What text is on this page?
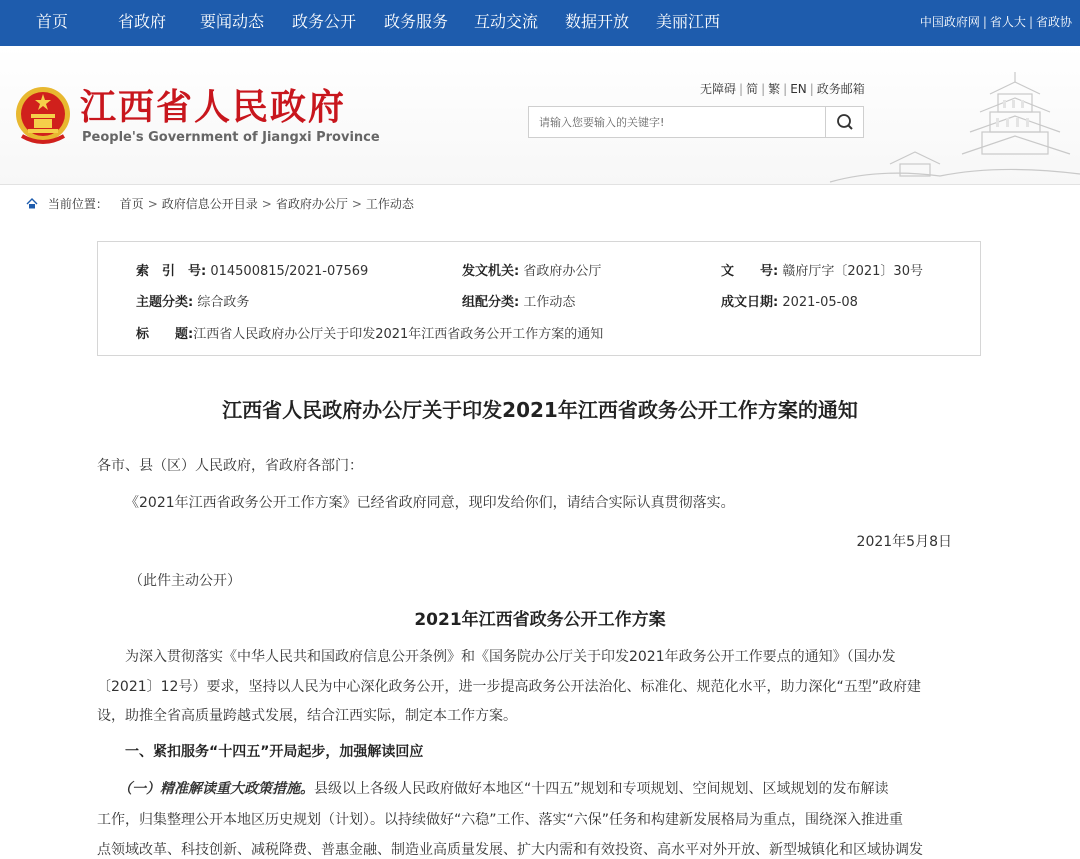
首页	省政府 要闻动态 政务公开 政务服务 互动交流 数据开放 美丽江西	中国政府网 | 省人大 | 省政协
江西省人民政府
People's Government of Jiangxi Province
无障碍 | 简 | 繁 | EN | 政务邮箱
请输入您要输入的关键字!
当前位置： 首页 > 政府信息公开目录 > 省政府办公厅 > 工作动态
索　引　号: 014500815/2021-07569	发文机关: 省政府办公厅	文　　号: 赣府厅字〔2021〕30号
主题分类: 综合政务	组配分类: 工作动态	成文日期: 2021-05-08
标　　题:江西省人民政府办公厅关于印发2021年江西省政务公开工作方案的通知
江西省人民政府办公厅关于印发2021年江西省政务公开工作方案的通知
各市、县（区）人民政府，省政府各部门：
《2021年江西省政务公开工作方案》已经省政府同意，现印发给你们，请结合实际认真贯彻落实。
2021年5月8日
（此件主动公开）
2021年江西省政务公开工作方案
　　为深入贯彻落实《中华人民共和国政府信息公开条例》和《国务院办公厅关于印发2021年政务公开工作要点的通知》（国办发
〔2021〕12号）要求，坚持以人民为中心深化政务公开，进一步提高政务公开法治化、标准化、规范化水平，助力深化“五型”政府建
设，助推全省高质量跨越式发展，结合江西实际，制定本工作方案。
　　一、紧扣服务“十四五”开局起步，加强解读回应
　　（一）精准解读重大政策措施。县级以上各级人民政府做好本地区“十四五”规划和专项规划、空间规划、区域规划的发布解读
工作，归集整理公开本地区历史规划（计划）。以持续做好“六稳”工作、落实“六保”任务和构建新发展格局为重点，围绕深入推进重
点领域改革、科技创新、减税降费、普惠金融、制造业高质量发展、扩大内需和有效投资、高水平对外开放、新型城镇化和区域协调发
